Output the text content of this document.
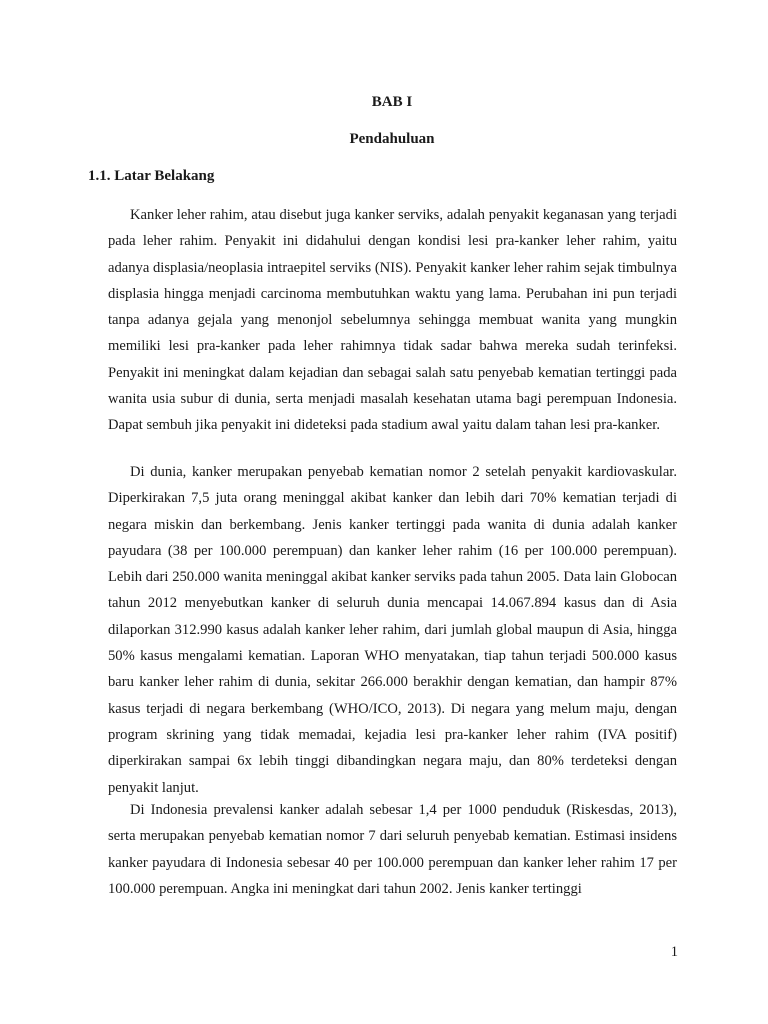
BAB I
Pendahuluan
1.1. Latar Belakang

Kanker leher rahim, atau disebut juga kanker serviks, adalah penyakit keganasan yang terjadi pada leher rahim. Penyakit ini didahului dengan kondisi lesi pra-kanker leher rahim, yaitu adanya displasia/neoplasia intraepitel serviks (NIS). Penyakit kanker leher rahim sejak timbulnya displasia hingga menjadi carcinoma membutuhkan waktu yang lama. Perubahan ini pun terjadi tanpa adanya gejala yang menonjol sebelumnya sehingga membuat wanita yang mungkin memiliki lesi pra-kanker pada leher rahimnya tidak sadar bahwa mereka sudah terinfeksi. Penyakit ini meningkat dalam kejadian dan sebagai salah satu penyebab kematian tertinggi pada wanita usia subur di dunia, serta menjadi masalah kesehatan utama bagi perempuan Indonesia. Dapat sembuh jika penyakit ini dideteksi pada stadium awal yaitu dalam tahan lesi pra-kanker.

Di dunia, kanker merupakan penyebab kematian nomor 2 setelah penyakit kardiovaskular. Diperkirakan 7,5 juta orang meninggal akibat kanker dan lebih dari 70% kematian terjadi di negara miskin dan berkembang. Jenis kanker tertinggi pada wanita di dunia adalah kanker payudara (38 per 100.000 perempuan) dan kanker leher rahim (16 per 100.000 perempuan). Lebih dari 250.000 wanita meninggal akibat kanker serviks pada tahun 2005. Data lain Globocan tahun 2012 menyebutkan kanker di seluruh dunia mencapai 14.067.894 kasus dan di Asia dilaporkan 312.990 kasus adalah kanker leher rahim, dari jumlah global maupun di Asia, hingga 50% kasus mengalami kematian. Laporan WHO menyatakan, tiap tahun terjadi 500.000 kasus baru kanker leher rahim di dunia, sekitar 266.000 berakhir dengan kematian, dan hampir 87% kasus terjadi di negara berkembang (WHO/ICO, 2013). Di negara yang melum maju, dengan program skrining yang tidak memadai, kejadia lesi pra-kanker leher rahim (IVA positif) diperkirakan sampai 6x lebih tinggi dibandingkan negara maju, dan 80% terdeteksi dengan penyakit lanjut.

Di Indonesia prevalensi kanker adalah sebesar 1,4 per 1000 penduduk (Riskesdas, 2013), serta merupakan penyebab kematian nomor 7 dari seluruh penyebab kematian. Estimasi insidens kanker payudara di Indonesia sebesar 40 per 100.000 perempuan dan kanker leher rahim 17 per 100.000 perempuan. Angka ini meningkat dari tahun 2002. Jenis kanker tertinggi

1
